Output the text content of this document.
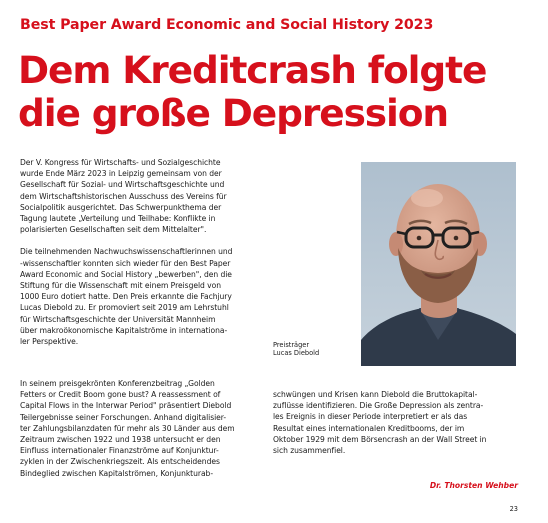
Best Paper Award Economic and Social History 2023
Dem Kreditcrash folgte
die große Depression
Der V. Kongress für Wirtschafts- und Sozialgeschichte
wurde Ende März 2023 in Leipzig gemeinsam von der
Gesellschaft für Sozial- und Wirtschaftsgeschichte und
dem Wirtschaftshistorischen Ausschuss des Vereins für
Socialpolitik ausgerichtet. Das Schwerpunkthema der
Tagung lautete „Verteilung und Teilhabe: Konflikte in
polarisierten Gesellschaften seit dem Mittelalter".
Die teilnehmenden Nachwuchswissenschaftlerinnen und
-wissenschaftler konnten sich wieder für den Best Paper
Award Economic and Social History „bewerben", den die
Stiftung für die Wissenschaft mit einem Preisgeld von
1000 Euro dotiert hatte. Den Preis erkannte die Fachjury
Lucas Diebold zu. Er promoviert seit 2019 am Lehrstuhl
für Wirtschaftsgeschichte der Universität Mannheim
über makroökonomische Kapitalströme in internationa-
ler Perspektive.
In seinem preisgekrönten Konferenzbeitrag „Golden
Fetters or Credit Boom gone bust? A reassessment of
Capital Flows in the Interwar Period" präsentiert Diebold
Teilergebnisse seiner Forschungen. Anhand digitalisier-
ter Zahlungsbilanzdaten für mehr als 30 Länder aus dem
Zeitraum zwischen 1922 und 1938 untersucht er den
Einfluss internationaler Finanzströme auf Konjunktur-
zyklen in der Zwischenkriegszeit. Als entscheidendes
Bindeglied zwischen Kapitalströmen, Konjunkturab-
Preisträger
Lucas Diebold
schwüngen und Krisen kann Diebold die Bruttokapital-
zuflüsse identifizieren. Die Große Depression als zentra-
les Ereignis in dieser Periode interpretiert er als das
Resultat eines internationalen Kreditbooms, der im
Oktober 1929 mit dem Börsencrash an der Wall Street in
sich zusammenfiel.
Dr. Thorsten Wehber
23
